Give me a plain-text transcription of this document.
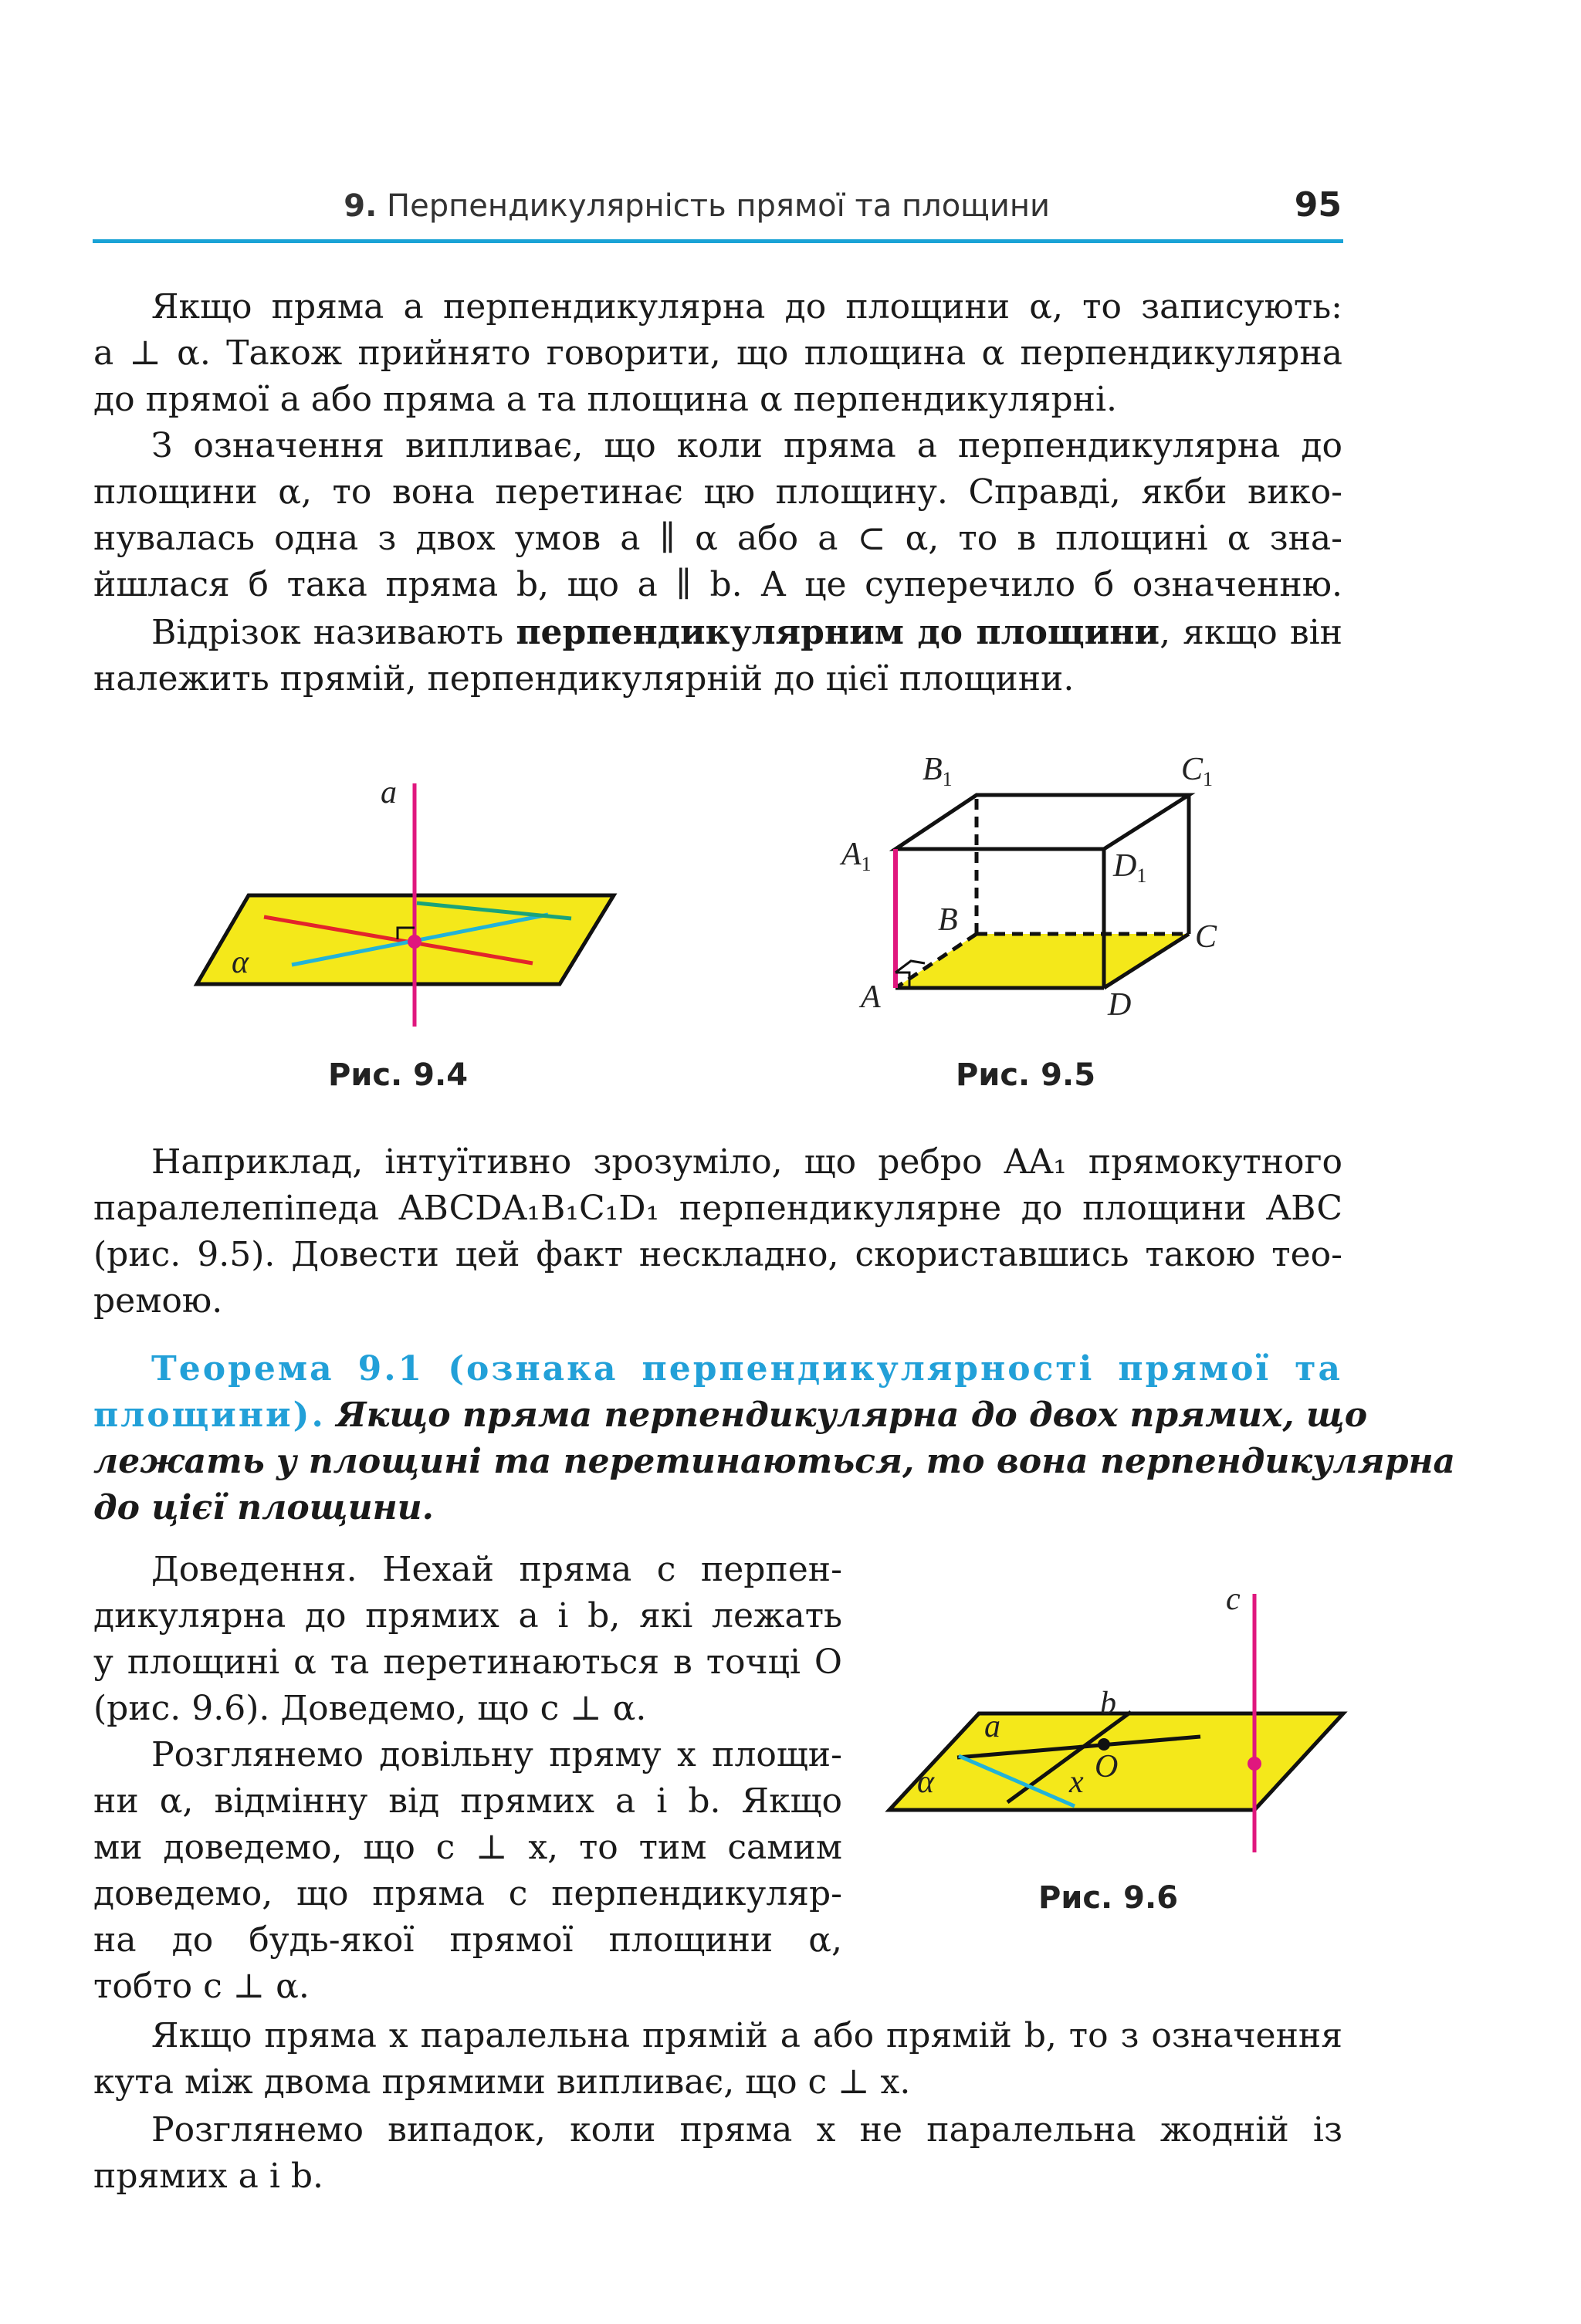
9. Перпендикулярність прямої та площини	95
Якщо пряма a перпендикулярна до площини α, то записують:
a ⊥ α. Також прийнято говорити, що площина α перпендикулярна
до прямої a або пряма a та площина α перпендикулярні.
З означення випливає, що коли пряма a перпендикулярна до
площини α, то вона перетинає цю площину. Справді, якби вико-
нувалась одна з двох умов a ∥ α або a ⊂ α, то в площині α зна-
йшлася б така пряма b, що a ∥ b. А це суперечило б означенню.
Відрізок називають перпендикулярним до площини, якщо він
належить прямій, перпендикулярній до цієї площини.
a
α
Рис. 9.4
B1	C1
A1	D1
B	C
A	D
Рис. 9.5
Наприклад, інтуїтивно зрозуміло, що ребро AA₁ прямокутного
паралелепіпеда ABCDA₁B₁C₁D₁ перпендикулярне до площини ABC
(рис. 9.5). Довести цей факт нескладно, скориставшись такою тео-
ремою.
Теорема 9.1 (ознака перпендикулярності прямої та
площини). Якщо пряма перпендикулярна до двох прямих, що
лежать у площині та перетинаються, то вона перпендикулярна
до цієї площини.
Доведення. Нехай пряма c перпен-
дикулярна до прямих a і b, які лежать
у площині α та перетинаються в точці O
(рис. 9.6). Доведемо, що c ⊥ α.
Розглянемо довільну пряму x площи-
ни α, відмінну від прямих a і b. Якщо
ми доведемо, що c ⊥ x, то тим самим
доведемо, що пряма c перпендикуляр-
на до будь-якої прямої площини α,
тобто c ⊥ α.
c
a
b
O
x
α
Рис. 9.6
Якщо пряма x паралельна прямій a або прямій b, то з означення
кута між двома прямими випливає, що c ⊥ x.
Розглянемо випадок, коли пряма x не паралельна жодній із
прямих a і b.
